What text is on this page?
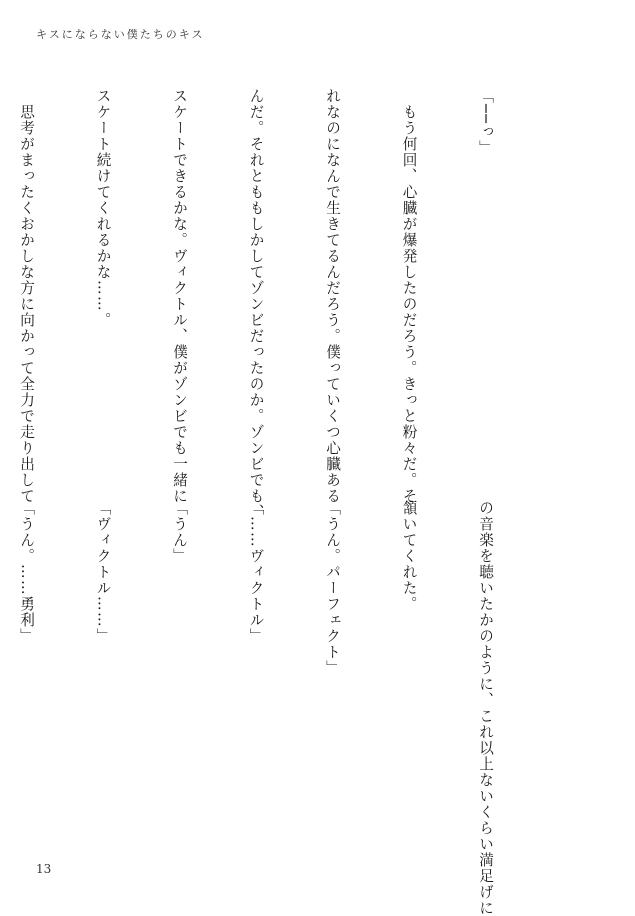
キスにならない僕たちのキス

「──っ」

　もう何回、心臓が爆発したのだろう。きっと粉々だ。そ

れなのになんで生きてるんだろう。僕っていくつ心臓ある

んだ。それとももしかしてゾンビだったのか。ゾンビでも、

スケートできるかな。ヴィクトル、僕がゾンビでも一緒に

スケート続けてくれるかな……。

　思考がまったくおかしな方に向かって全力で走り出して

の音楽を聴いたかのように、これ以上ないくらい満足げに

頷いてくれた。

「うん。パーフェクト」

「……ヴィクトル」

「うん」

「ヴィクトル……」

「うん。……勇利」

13
